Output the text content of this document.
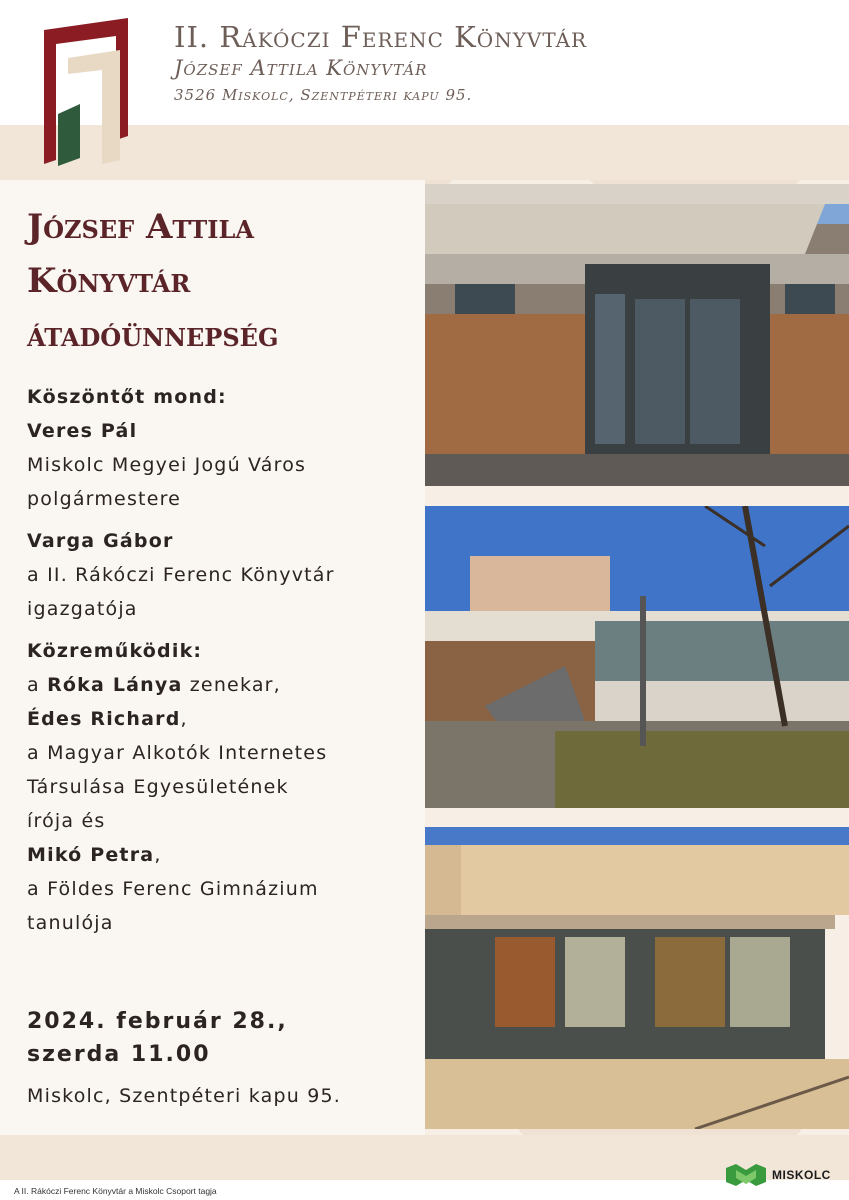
II. Rákóczi Ferenc Könyvtár
József Attila Könyvtár
3526 Miskolc, Szentpéteri kapu 95.
József Attila
Könyvtár
átadóünnepség

Köszöntőt mond:

Veres Pál

Miskolc Megyei Jogú Város

polgármestere

Varga Gábor

a II. Rákóczi Ferenc Könyvtár

igazgatója

Közreműködik:

a Róka Lánya zenekar,

Édes Richard,

a Magyar Alkotók Internetes

Társulása Egyesületének

írója és

Mikó Petra,

a Földes Ferenc Gimnázium

tanulója

2024. február 28.,
szerda 11.00
Miskolc, Szentpéteri kapu 95.
A II. Rákóczi Ferenc Könyvtár a Miskolc Csoport tagja
MISKOLC
